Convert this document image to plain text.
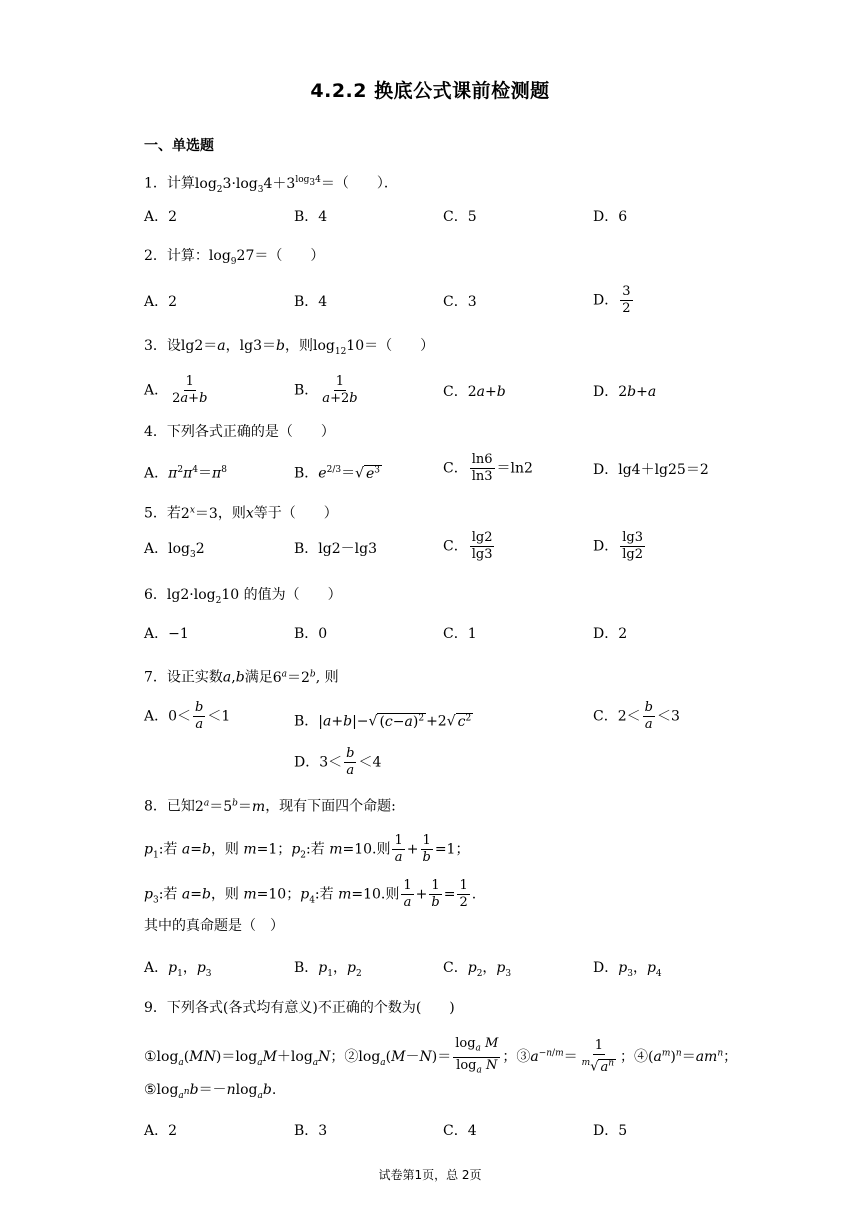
4.2.2 换底公式课前检测题
一、单选题
1．计算$\log_23\cdot\log_34+3^{log_34}=$（　　）．
A．2	B．4	C．5	D．6
2．计算：$\log_927=$（　　）
A．2	B．4	C．3	D． $\frac{3}{2}$
3．设lg2＝a，lg3＝b，则$\log_{12}10=$（　　）
A． $\frac{1}{2a+b}$	B． $\frac{1}{a+2b}$	C．2a+b	D．2b+a
4．下列各式正确的是（　　）
A．$\pi^2\pi^4=\pi^8$	B．$e^{2/3}=√$ $e^3$	C． $\frac{\ln 6}{\ln 3} =\ln 2$	D．lg4＋lg25＝2
5．若$2^x=3$，则x等于（　　）
A．$\log_32$	B．lg2－lg3	C． $\frac{\lg 2}{\lg 3}$	D． $\frac{\lg 3}{\lg 2}$
6．$\lg 2\cdot\log_210$ 的值为（　　）
A．−1	B．0	C．1	D．2
7．设正实数a,b满足$6^a=2^b$, 则
A．$0< \frac{b}{a} <1$	B．|a+b|−√ $(c-a)^2 +2√$ $c^2$	C．$2< \frac{b}{a} <3$
D．$3< \frac{b}{a} <4$
8．已知$2^a=5^b=m$，现有下面四个命题:
$p_1$:若 a=b，则 m=1；$p_2$:若 m=10.则 $\frac{1}{a} + \frac{1}{b} =1$；
$p_3$:若 a=b，则 m=10；$p_4$:若 m=10.则 $\frac{1}{a} + \frac{1}{b} = \frac{1}{2}$ .
其中的真命题是（　）
A．$p_1$，$p_3$	B．$p_1$，$p_2$	C．$p_2$，$p_3$	D．$p_3$，$p_4$
9．下列各式(各式均有意义)不正确的个数为(　　)
$①\log_a(MN)=\log_aM+\log_aN$；$②\log_a(M-N)= \frac{\log_a M}{\log_a N}$ ；$③a^{-n/m}= \frac{1}{^m√ a^n}$ ；$④(a^m)^n=am^n$；
$⑤\log_{a^n}b=-nlog_ab$.
A．2	B．3	C．4	D．5
试卷第1页，总 2页
